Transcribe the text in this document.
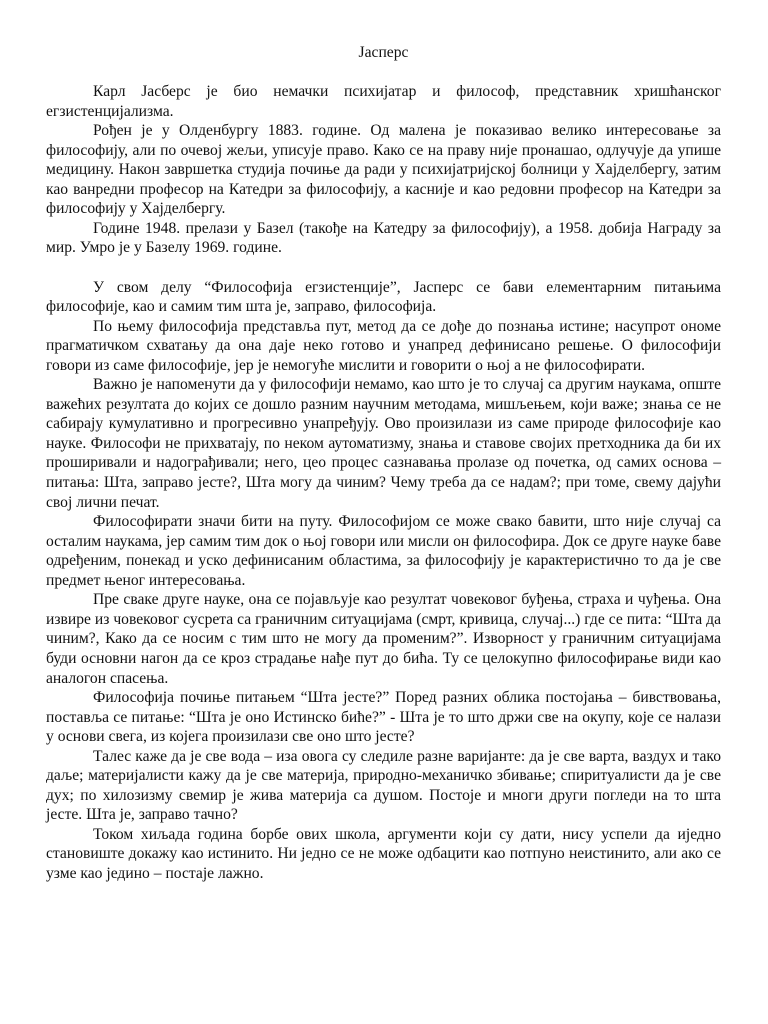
Јасперс

Карл Јасберс је био немачки психијатар и философ, представник хришћанског егзистенцијализма.

Рођен је у Олденбургу 1883. године. Од малена је показивао велико интересовање за философију, али по очевој жељи, уписује право. Како се на праву није пронашао, одлучује да упише медицину. Након завршетка студија почиње да ради у психијатријској болници у Хајделбергу, затим као ванредни професор на Катедри за философију, а касније и као редовни професор на Катедри за философију у Хајделбергу.

Године 1948. прелази у Базел (такође на Катедру за философију), а 1958. добија Награду за мир. Умро је у Базелу 1969. године.

У свом делу “Философија егзистенције”, Јасперс се бави елементарним питањима философије, као и самим тим шта је, заправо, философија.

По њему философија представља пут, метод да се дође до познања истине; насупрот ономе прагматичком схватању да она даје неко готово и унапред дефинисано решење. О философији говори из саме философије, јер је немогуће мислити и говорити о њој а не философирати.

Важно је напоменути да у философији немамо, као што је то случај са другим наукама, опште важећих резултата до којих се дошло разним научним методама, мишљењем, који важе; знања се не сабирају кумулативно и прогресивно унапређују. Ово произилази из саме природе философије као науке. Философи не прихватају, по неком аутоматизму, знања и ставове својих претходника да би их проширивали и надограђивали; него, цео процес сазнавања пролазе од почетка, од самих основа – питања: Шта, заправо јесте?, Шта могу да чиним? Чему треба да се надам?; при томе, свему дајући свој лични печат.

Философирати значи бити на путу. Философијом се може свако бавити, што није случај са осталим наукама, јер самим тим док о њој говори или мисли он философира. Док се друге науке баве одређеним, понекад и уско дефинисаним областима, за философију је карактеристично то да је све предмет њеног интересовања.

Пре сваке друге науке, она се појављује као резултат човековог буђења, страха и чуђења. Она извире из човековог сусрета са граничним ситуацијама (смрт, кривица, случај...) где се пита: “Шта да чиним?, Како да се носим с тим што не могу да променим?”. Изворност у граничним ситуацијама буди основни нагон да се кроз страдање нађе пут до бића. Ту се целокупно философирање види као аналогон спасења.

Философија почиње питањем “Шта јесте?” Поред разних облика постојања – бивствовања, поставља се питање: “Шта је оно Истинско биће?” - Шта је то што држи све на окупу, које се налази у основи свега, из којега произилази све оно што јесте?

Талес каже да је све вода – иза овога су следиле разне варијанте: да је све варта, ваздух и тако даље; материјалисти кажу да је све материја, природно-механичко збивање; спиритуалисти да је све дух; по хилозизму свемир је жива материја са душом. Постоје и многи други погледи на то шта јесте. Шта је, заправо тачно?

Током хиљада година борбе ових школа, аргументи који су дати, нису успели да иједно становиште докажу као истинито. Ни једно се не може одбацити као потпуно неистинито, али ако се узме као једино – постаје лажно.
